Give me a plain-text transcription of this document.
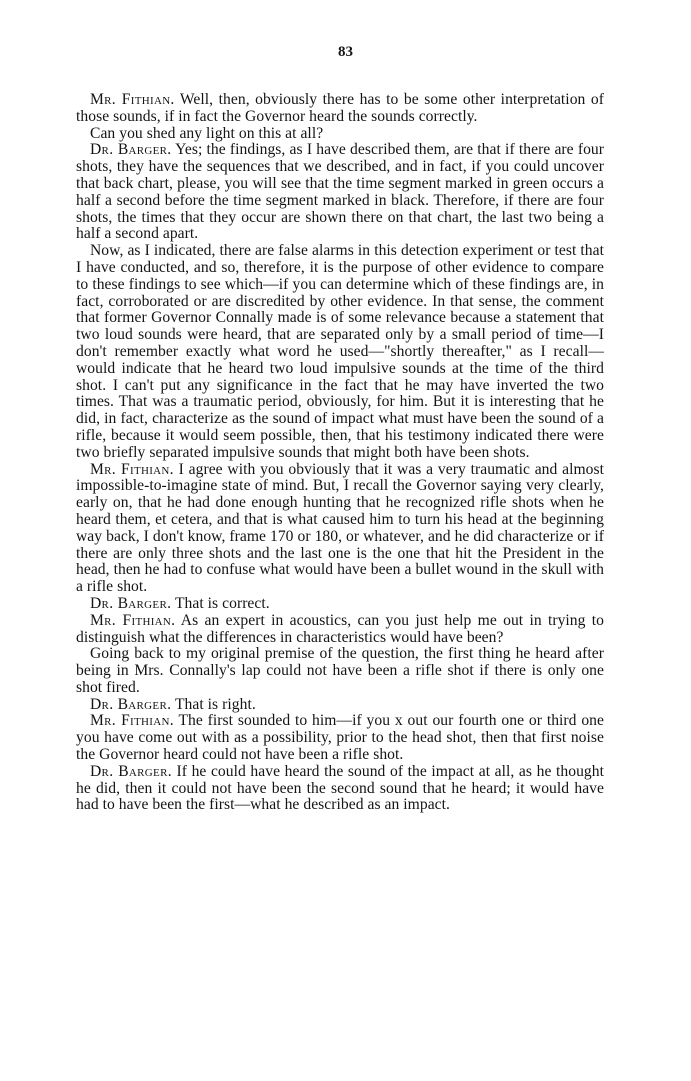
83

Mr. Fithian. Well, then, obviously there has to be some other interpretation of those sounds, if in fact the Governor heard the sounds correctly.

Can you shed any light on this at all?

Dr. Barger. Yes; the findings, as I have described them, are that if there are four shots, they have the sequences that we described, and in fact, if you could uncover that back chart, please, you will see that the time segment marked in green occurs a half a second before the time segment marked in black. Therefore, if there are four shots, the times that they occur are shown there on that chart, the last two being a half a second apart.

Now, as I indicated, there are false alarms in this detection experiment or test that I have conducted, and so, therefore, it is the purpose of other evidence to compare to these findings to see which—if you can determine which of these findings are, in fact, corroborated or are discredited by other evidence. In that sense, the comment that former Governor Connally made is of some relevance because a statement that two loud sounds were heard, that are separated only by a small period of time—I don't remember exactly what word he used—"shortly thereafter," as I recall—would indicate that he heard two loud impulsive sounds at the time of the third shot. I can't put any significance in the fact that he may have inverted the two times. That was a traumatic period, obviously, for him. But it is interesting that he did, in fact, characterize as the sound of impact what must have been the sound of a rifle, because it would seem possible, then, that his testimony indicated there were two briefly separated impulsive sounds that might both have been shots.

Mr. Fithian. I agree with you obviously that it was a very traumatic and almost impossible-to-imagine state of mind. But, I recall the Governor saying very clearly, early on, that he had done enough hunting that he recognized rifle shots when he heard them, et cetera, and that is what caused him to turn his head at the beginning way back, I don't know, frame 170 or 180, or whatever, and he did characterize or if there are only three shots and the last one is the one that hit the President in the head, then he had to confuse what would have been a bullet wound in the skull with a rifle shot.

Dr. Barger. That is correct.

Mr. Fithian. As an expert in acoustics, can you just help me out in trying to distinguish what the differences in characteristics would have been?

Going back to my original premise of the question, the first thing he heard after being in Mrs. Connally's lap could not have been a rifle shot if there is only one shot fired.

Dr. Barger. That is right.

Mr. Fithian. The first sounded to him—if you x out our fourth one or third one you have come out with as a possibility, prior to the head shot, then that first noise the Governor heard could not have been a rifle shot.

Dr. Barger. If he could have heard the sound of the impact at all, as he thought he did, then it could not have been the second sound that he heard; it would have had to have been the first—what he described as an impact.
